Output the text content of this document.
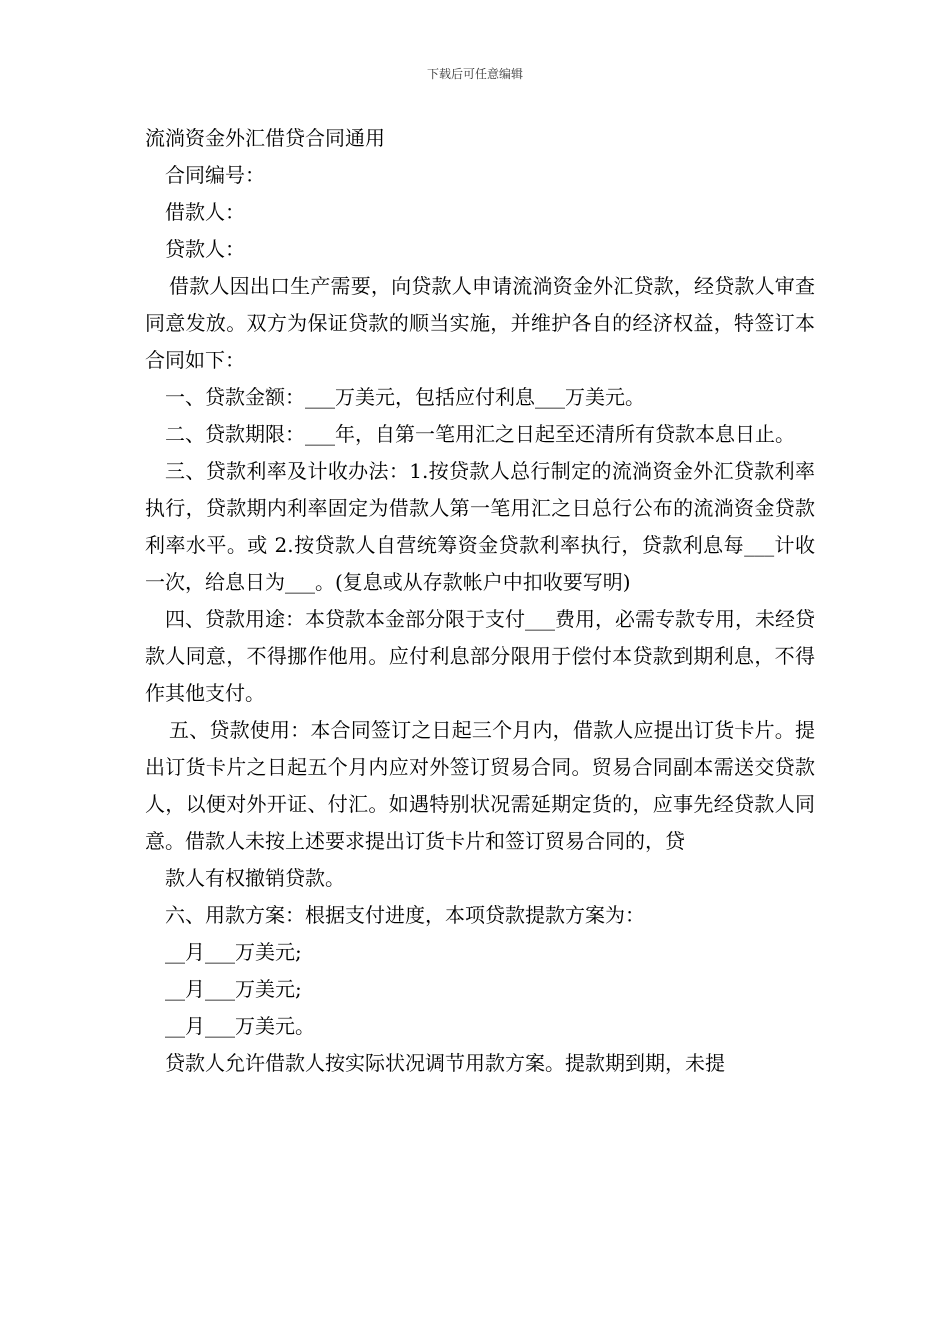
下载后可任意编辑

流淌资金外汇借贷合同通用

合同编号：

借款人：

贷款人：

借款人因出口生产需要，向贷款人申请流淌资金外汇贷款，经贷款人审查同意发放。双方为保证贷款的顺当实施，并维护各自的经济权益，特签订本合同如下：

一、贷款金额：___万美元，包括应付利息___万美元。

二、贷款期限：___年，自第一笔用汇之日起至还清所有贷款本息日止。

三、贷款利率及计收办法：1.按贷款人总行制定的流淌资金外汇贷款利率执行，贷款期内利率固定为借款人第一笔用汇之日总行公布的流淌资金贷款利率水平。或 2.按贷款人自营统筹资金贷款利率执行，贷款利息每___计收一次，给息日为___。(复息或从存款帐户中扣收要写明)

四、贷款用途：本贷款本金部分限于支付___费用，必需专款专用，未经贷款人同意，不得挪作他用。应付利息部分限用于偿付本贷款到期利息，不得作其他支付。

五、贷款使用：本合同签订之日起三个月内，借款人应提出订货卡片。提出订货卡片之日起五个月内应对外签订贸易合同。贸易合同副本需送交贷款人，以便对外开证、付汇。如遇特别状况需延期定货的，应事先经贷款人同意。借款人未按上述要求提出订货卡片和签订贸易合同的，贷

款人有权撤销贷款。

六、用款方案：根据支付进度，本项贷款提款方案为：

__月___万美元;

__月___万美元;

__月___万美元。

贷款人允许借款人按实际状况调节用款方案。提款期到期，未提
